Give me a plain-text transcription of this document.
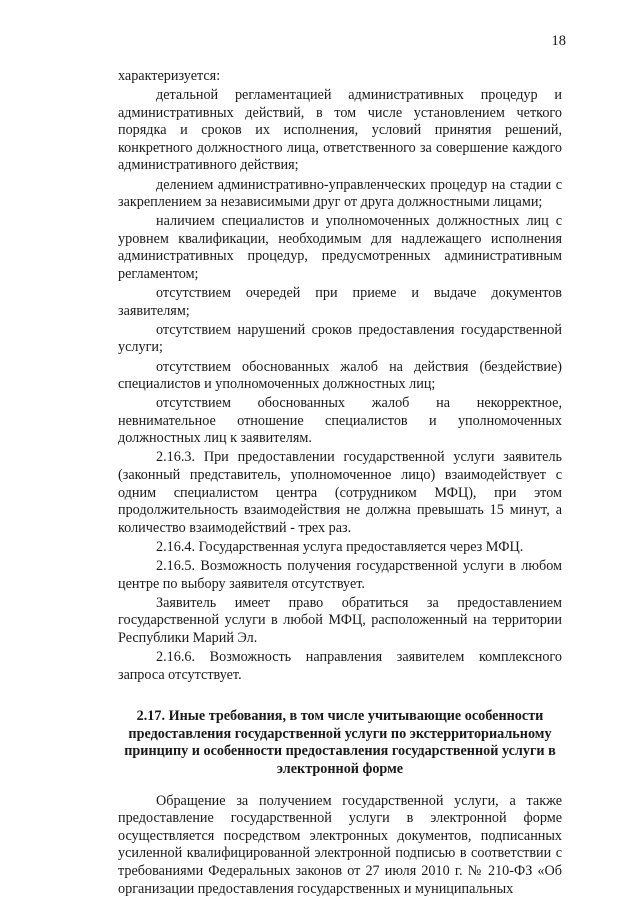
18
характеризуется:
детальной регламентацией административных процедур и административных действий, в том числе установлением четкого порядка и сроков их исполнения, условий принятия решений, конкретного должностного лица, ответственного за совершение каждого административного действия;
делением административно-управленческих процедур на стадии с закреплением за независимыми друг от друга должностными лицами;
наличием специалистов и уполномоченных должностных лиц с уровнем квалификации, необходимым для надлежащего исполнения административных процедур, предусмотренных административным регламентом;
отсутствием очередей при приеме и выдаче документов заявителям;
отсутствием нарушений сроков предоставления государственной услуги;
отсутствием обоснованных жалоб на действия (бездействие) специалистов и уполномоченных должностных лиц;
отсутствием обоснованных жалоб на некорректное, невнимательное отношение специалистов и уполномоченных должностных лиц к заявителям.
2.16.3. При предоставлении государственной услуги заявитель (законный представитель, уполномоченное лицо) взаимодействует с одним специалистом центра (сотрудником МФЦ), при этом продолжительность взаимодействия не должна превышать 15 минут, а количество взаимодействий - трех раз.
2.16.4. Государственная услуга предоставляется через МФЦ.
2.16.5. Возможность получения государственной услуги в любом центре по выбору заявителя отсутствует.
Заявитель имеет право обратиться за предоставлением государственной услуги в любой МФЦ, расположенный на территории Республики Марий Эл.
2.16.6. Возможность направления заявителем комплексного запроса отсутствует.
2.17. Иные требования, в том числе учитывающие особенности предоставления государственной услуги по экстерриториальному принципу и особенности предоставления государственной услуги в электронной форме
Обращение за получением государственной услуги, а также предоставление государственной услуги в электронной форме осуществляется посредством электронных документов, подписанных усиленной квалифицированной электронной подписью в соответствии с требованиями Федеральных законов от 27 июля 2010 г. № 210-ФЗ «Об организации предоставления государственных и муниципальных
